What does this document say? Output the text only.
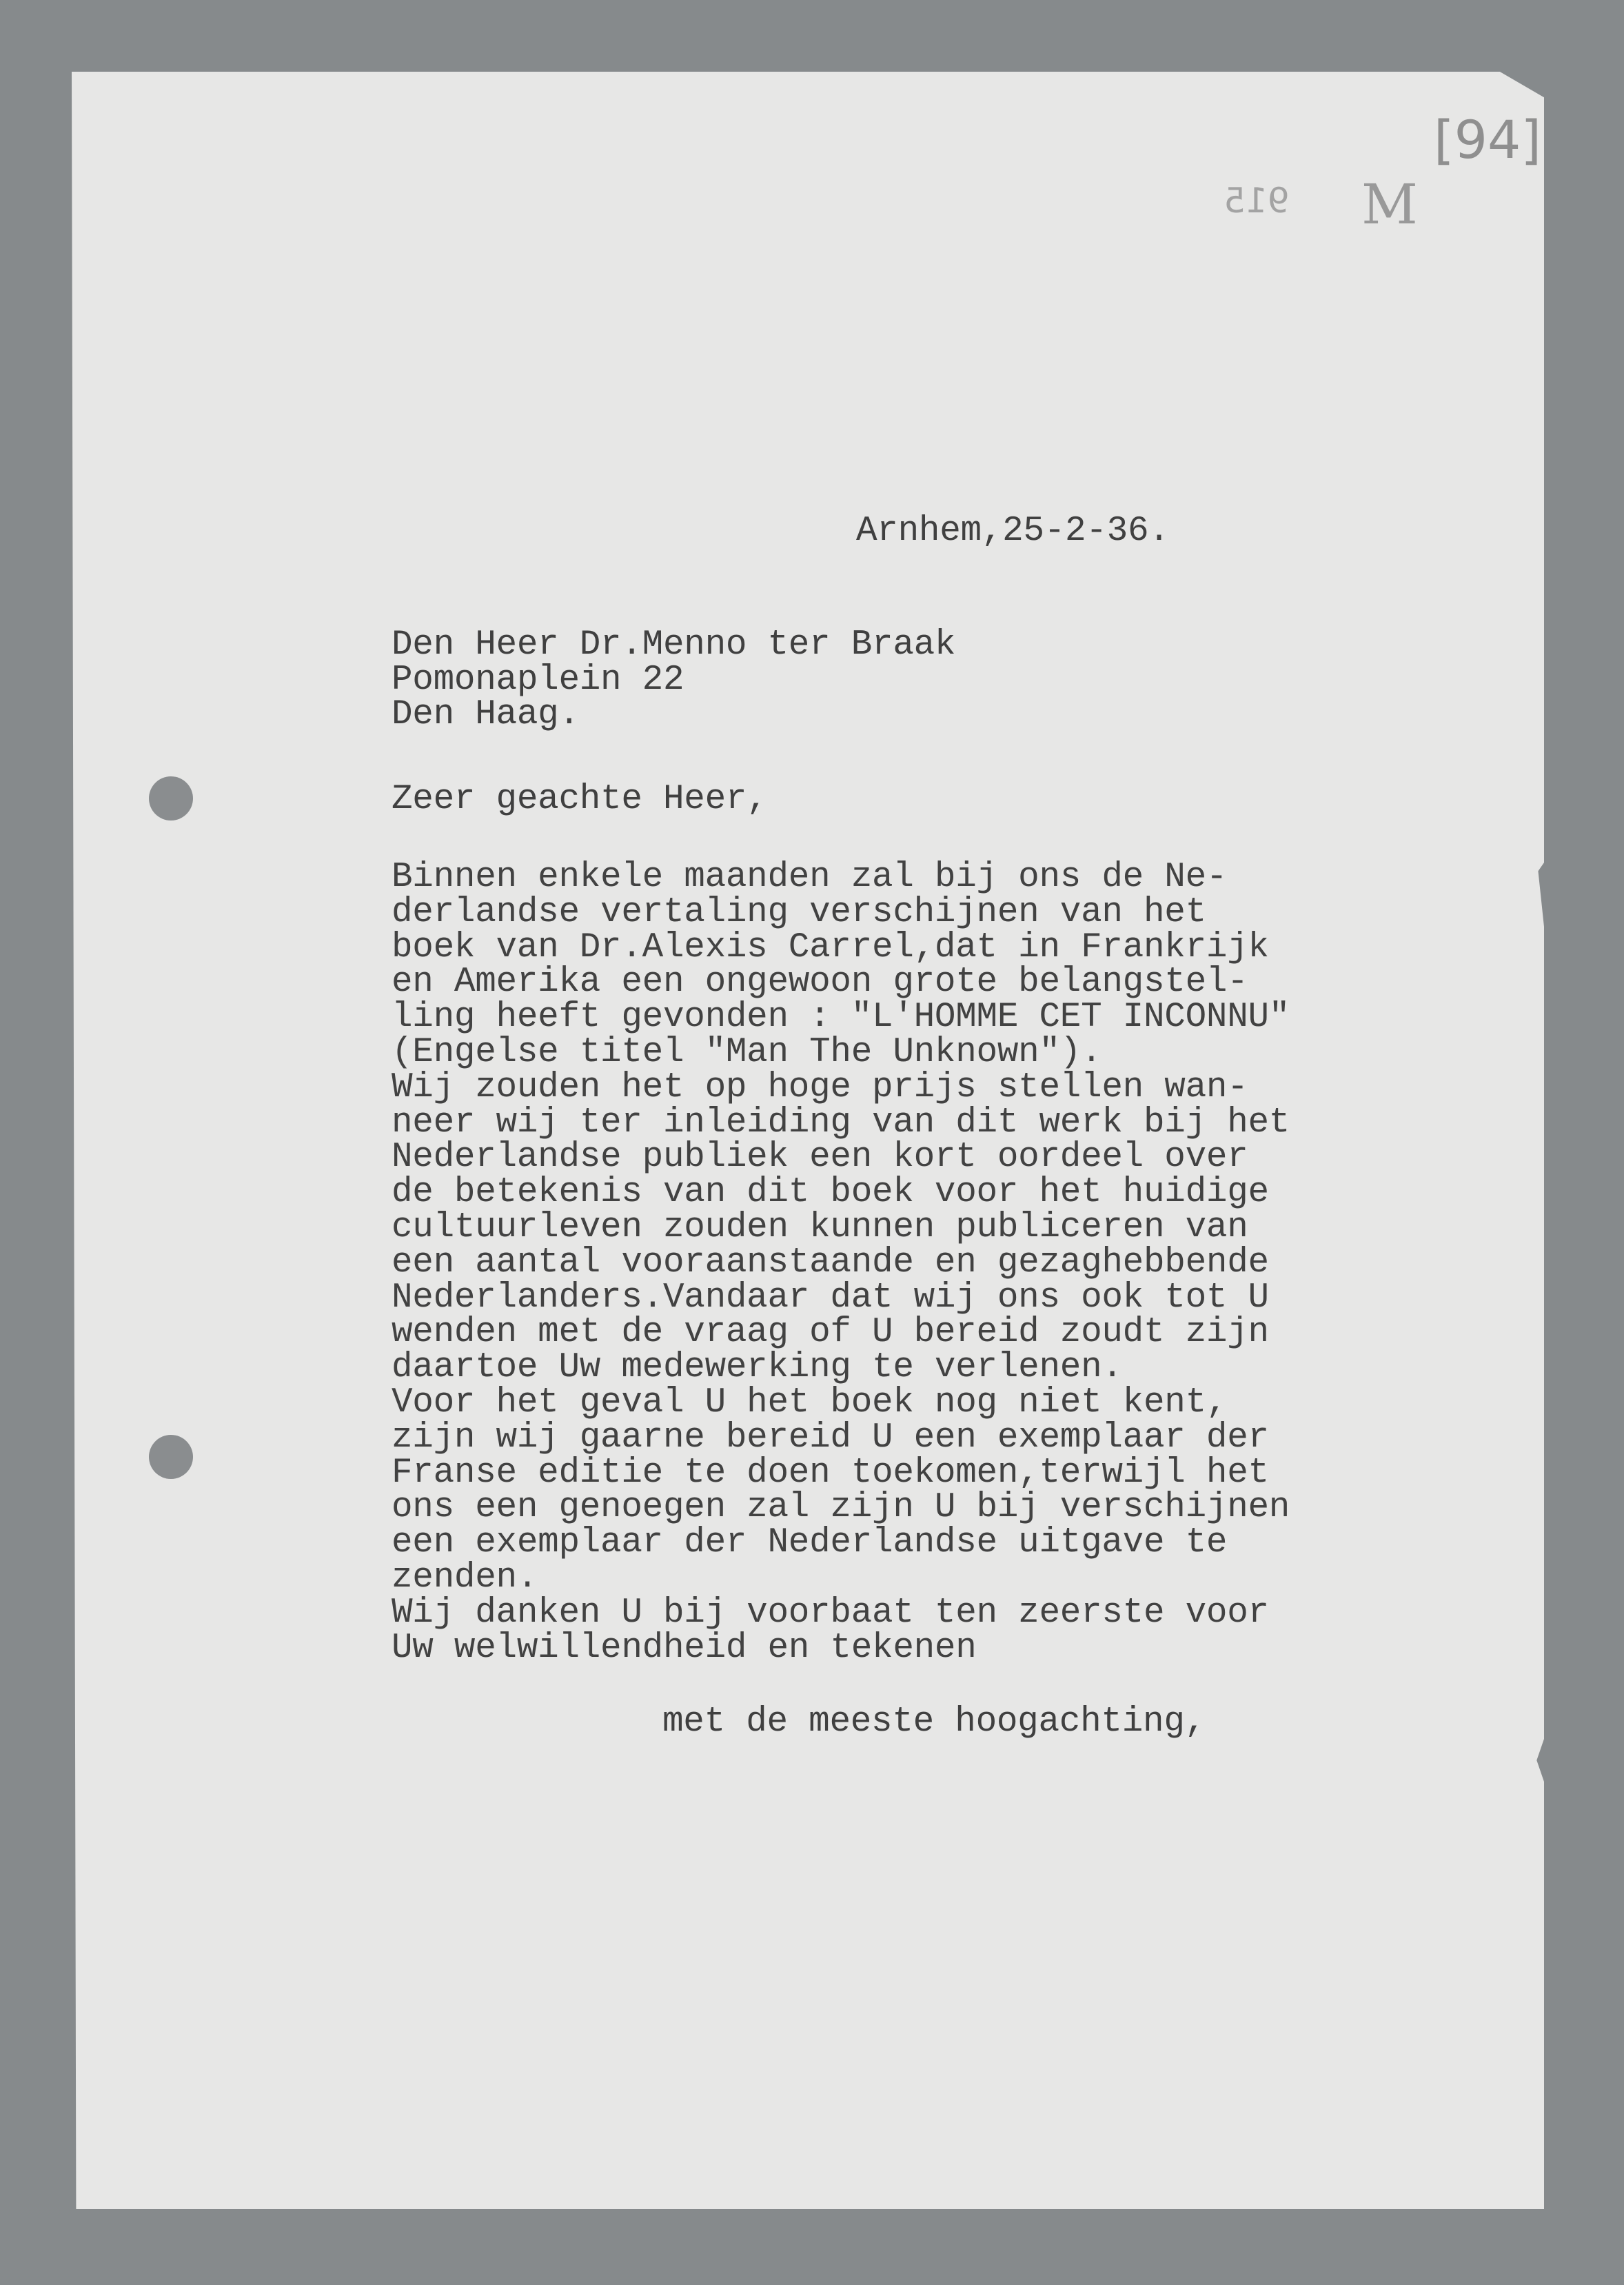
[94]
915 M
Arnhem,25-2-36.
Den Heer Dr.Menno ter Braak
Pomonaplein 22
Den Haag.
Zeer geachte Heer,
Binnen enkele maanden zal bij ons de Ne-
derlandse vertaling verschijnen van het
boek van Dr.Alexis Carrel,dat in Frankrijk
en Amerika een ongewoon grote belangstel-
ling heeft gevonden : "L'HOMME CET INCONNU"
(Engelse titel "Man The Unknown").
Wij zouden het op hoge prijs stellen wan-
neer wij ter inleiding van dit werk bij het
Nederlandse publiek een kort oordeel over
de betekenis van dit boek voor het huidige
cultuurleven zouden kunnen publiceren van
een aantal vooraanstaande en gezaghebbende
Nederlanders.Vandaar dat wij ons ook tot U
wenden met de vraag of U bereid zoudt zijn
daartoe Uw medewerking te verlenen.
Voor het geval U het boek nog niet kent,
zijn wij gaarne bereid U een exemplaar der
Franse editie te doen toekomen,terwijl het
ons een genoegen zal zijn U bij verschijnen
een exemplaar der Nederlandse uitgave te
zenden.
Wij danken U bij voorbaat ten zeerste voor
Uw welwillendheid en tekenen
met de meeste hoogachting,
